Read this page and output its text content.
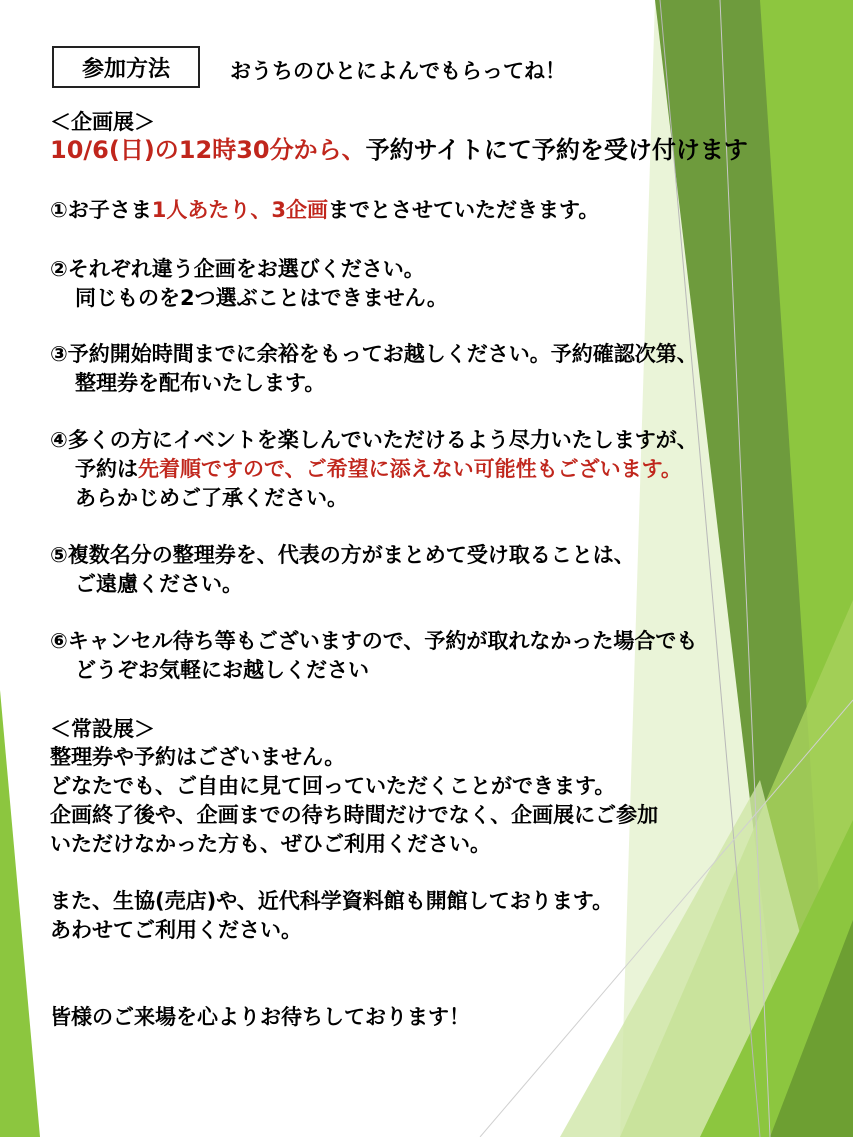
参加方法	おうちのひとによんでもらってね！
＜企画展＞
10/6(日)の12時30分から、予約サイトにて予約を受け付けます
①お子さま1人あたり、3企画までとさせていただきます。
②それぞれ違う企画をお選びください。
同じものを2つ選ぶことはできません。
③予約開始時間までに余裕をもってお越しください。予約確認次第、
整理券を配布いたします。
④多くの方にイベントを楽しんでいただけるよう尽力いたしますが、
予約は先着順ですので、ご希望に添えない可能性もございます。
あらかじめご了承ください。
⑤複数名分の整理券を、代表の方がまとめて受け取ることは、
ご遠慮ください。
⑥キャンセル待ち等もございますので、予約が取れなかった場合でも
どうぞお気軽にお越しください
＜常設展＞
整理券や予約はございません。
どなたでも、ご自由に見て回っていただくことができます。
企画終了後や、企画までの待ち時間だけでなく、企画展にご参加
いただけなかった方も、ぜひご利用ください。
また、生協(売店)や、近代科学資料館も開館しております。
あわせてご利用ください。
皆様のご来場を心よりお待ちしております！
